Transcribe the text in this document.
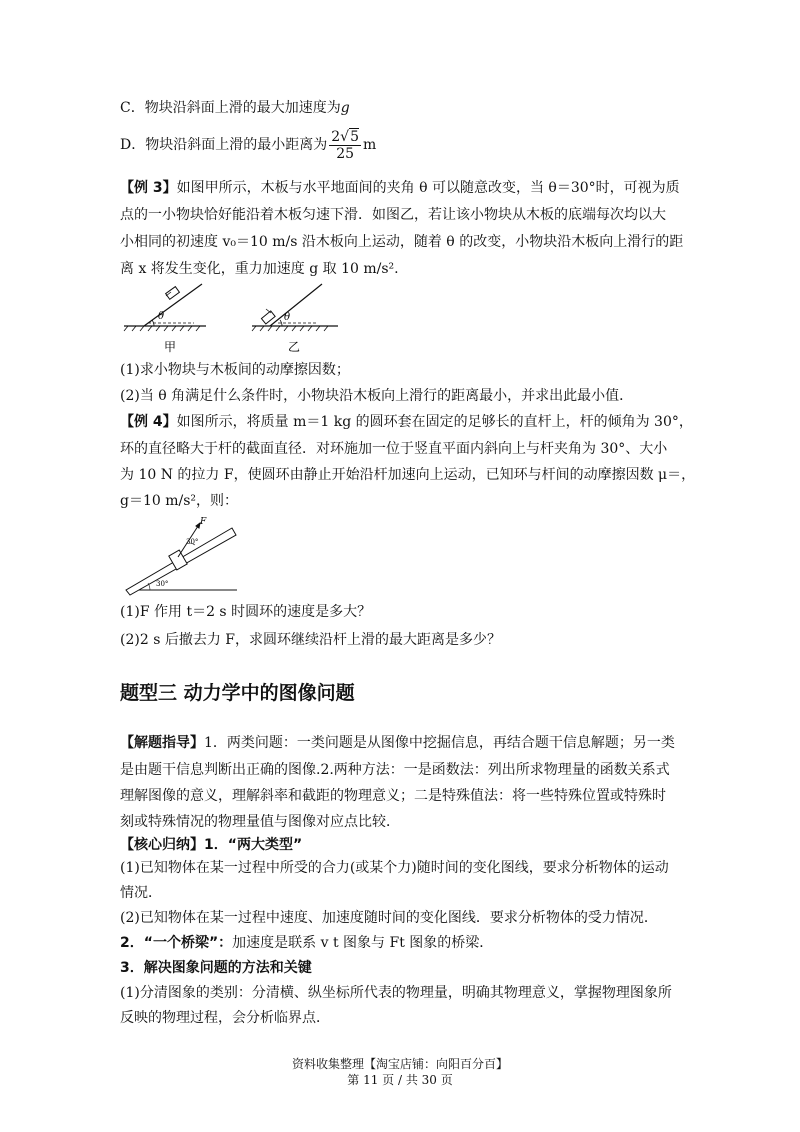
C．物块沿斜面上滑的最大加速度为g
D．物块沿斜面上滑的最小距离为 $\frac{2√5}{25}$ m
【例 3】如图甲所示，木板与水平地面间的夹角 θ 可以随意改变，当 θ＝30°时，可视为质
点的一小物块恰好能沿着木板匀速下滑．如图乙，若让该小物块从木板的底端每次均以大
小相同的初速度 v₀＝10 m/s 沿木板向上运动，随着 θ 的改变，小物块沿木板向上滑行的距
离 x 将发生变化，重力加速度 g 取 10 m/s².
θ
甲
θ
乙
(1)求小物块与木板间的动摩擦因数；
(2)当 θ 角满足什么条件时，小物块沿木板向上滑行的距离最小，并求出此最小值．
【例 4】如图所示，将质量 m＝1 kg 的圆环套在固定的足够长的直杆上，杆的倾角为 30°，
环的直径略大于杆的截面直径．对环施加一位于竖直平面内斜向上与杆夹角为 30°、大小
为 10 N 的拉力 F，使圆环由静止开始沿杆加速向上运动，已知环与杆间的动摩擦因数 μ＝，
g＝10 m/s²，则：
F
30°
30°
(1)F 作用 t＝2 s 时圆环的速度是多大？
(2)2 s 后撤去力 F，求圆环继续沿杆上滑的最大距离是多少？
题型三 动力学中的图像问题
【解题指导】1．两类问题：一类问题是从图像中挖掘信息，再结合题干信息解题；另一类
是由题干信息判断出正确的图像.2.两种方法：一是函数法：列出所求物理量的函数关系式
理解图像的意义，理解斜率和截距的物理意义；二是特殊值法：将一些特殊位置或特殊时
刻或特殊情况的物理量值与图像对应点比较．
【核心归纳】1．“两大类型”
(1)已知物体在某一过程中所受的合力(或某个力)随时间的变化图线，要求分析物体的运动
情况．
(2)已知物体在某一过程中速度、加速度随时间的变化图线．要求分析物体的受力情况．
2．“一个桥梁”：加速度是联系 v t 图象与 Ft 图象的桥梁．
3．解决图象问题的方法和关键
(1)分清图象的类别：分清横、纵坐标所代表的物理量，明确其物理意义，掌握物理图象所
反映的物理过程，会分析临界点．
资料收集整理【淘宝店铺：向阳百分百】
第 11 页 / 共 30 页
